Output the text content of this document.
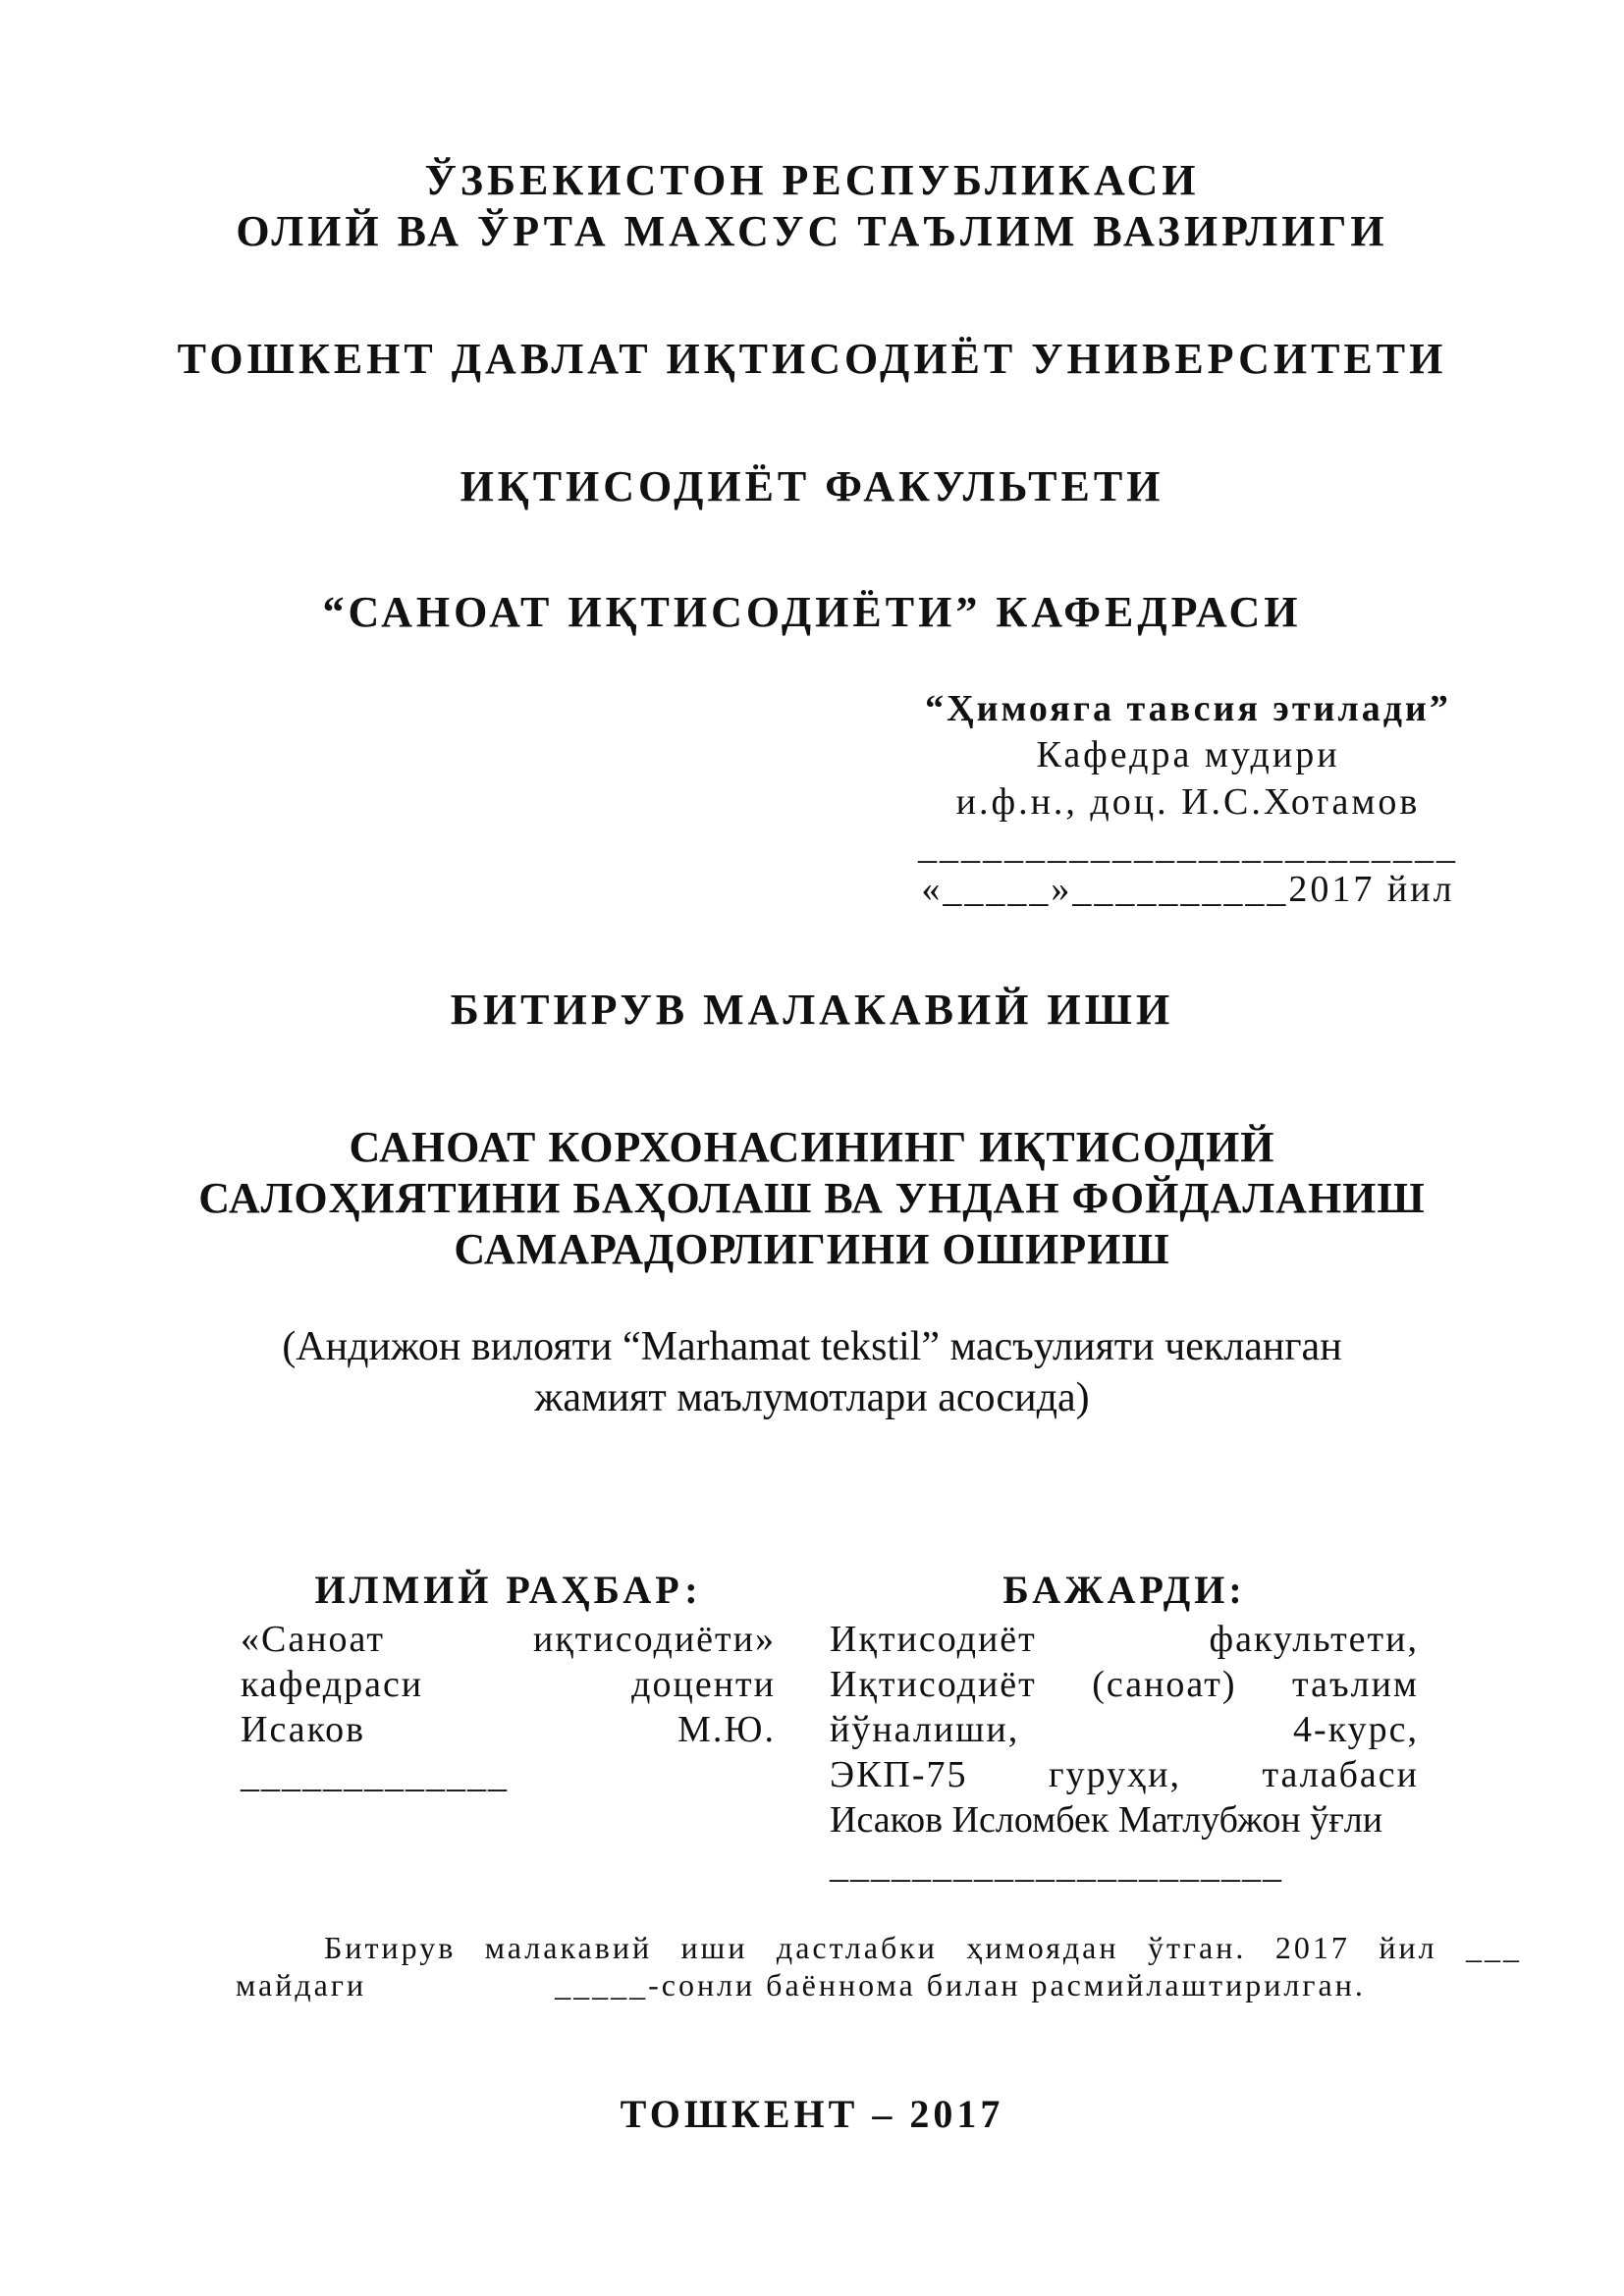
ЎЗБЕКИСТОН РЕСПУБЛИКАСИ
ОЛИЙ ВА ЎРТА МАХСУС ТАЪЛИМ ВАЗИРЛИГИ
ТОШКЕНТ ДАВЛАТ ИҚТИСОДИЁТ УНИВЕРСИТЕТИ
ИҚТИСОДИЁТ ФАКУЛЬТЕТИ
“САНОАТ ИҚТИСОДИЁТИ” КАФЕДРАСИ
“Ҳимояга тавсия этилади”
Кафедра мудири
и.ф.н., доц. И.С.Хотамов
_________________________
«_____»__________2017 йил
БИТИРУВ МАЛАКАВИЙ ИШИ
САНОАТ КОРХОНАСИНИНГ ИҚТИСОДИЙ
САЛОҲИЯТИНИ БАҲОЛАШ ВА УНДАН ФОЙДАЛАНИШ
САМАРАДОРЛИГИНИ ОШИРИШ
(Андижон вилояти “Marhamat tekstil” масъулияти чекланган
жамият маълумотлари асосида)
ИЛМИЙ РАҲБАР:
«Саноат	иқтисодиёти»
кафедраси	доценти
Исаков	М.Ю.
_____________
БАЖАРДИ:
Иқтисодиёт	факультети,
Иқтисодиёт (саноат) таълим
йўналиши,	4-курс,
ЭКП-75 гуруҳи, талабаси
Исаков Исломбек Матлубжон ўғли
______________________
Битирув малакавий иши дастлабки ҳимоядан ўтган. 2017 йил ___
майдаги	_____-сонли баённома билан расмийлаштирилган.
ТОШКЕНТ – 2017
